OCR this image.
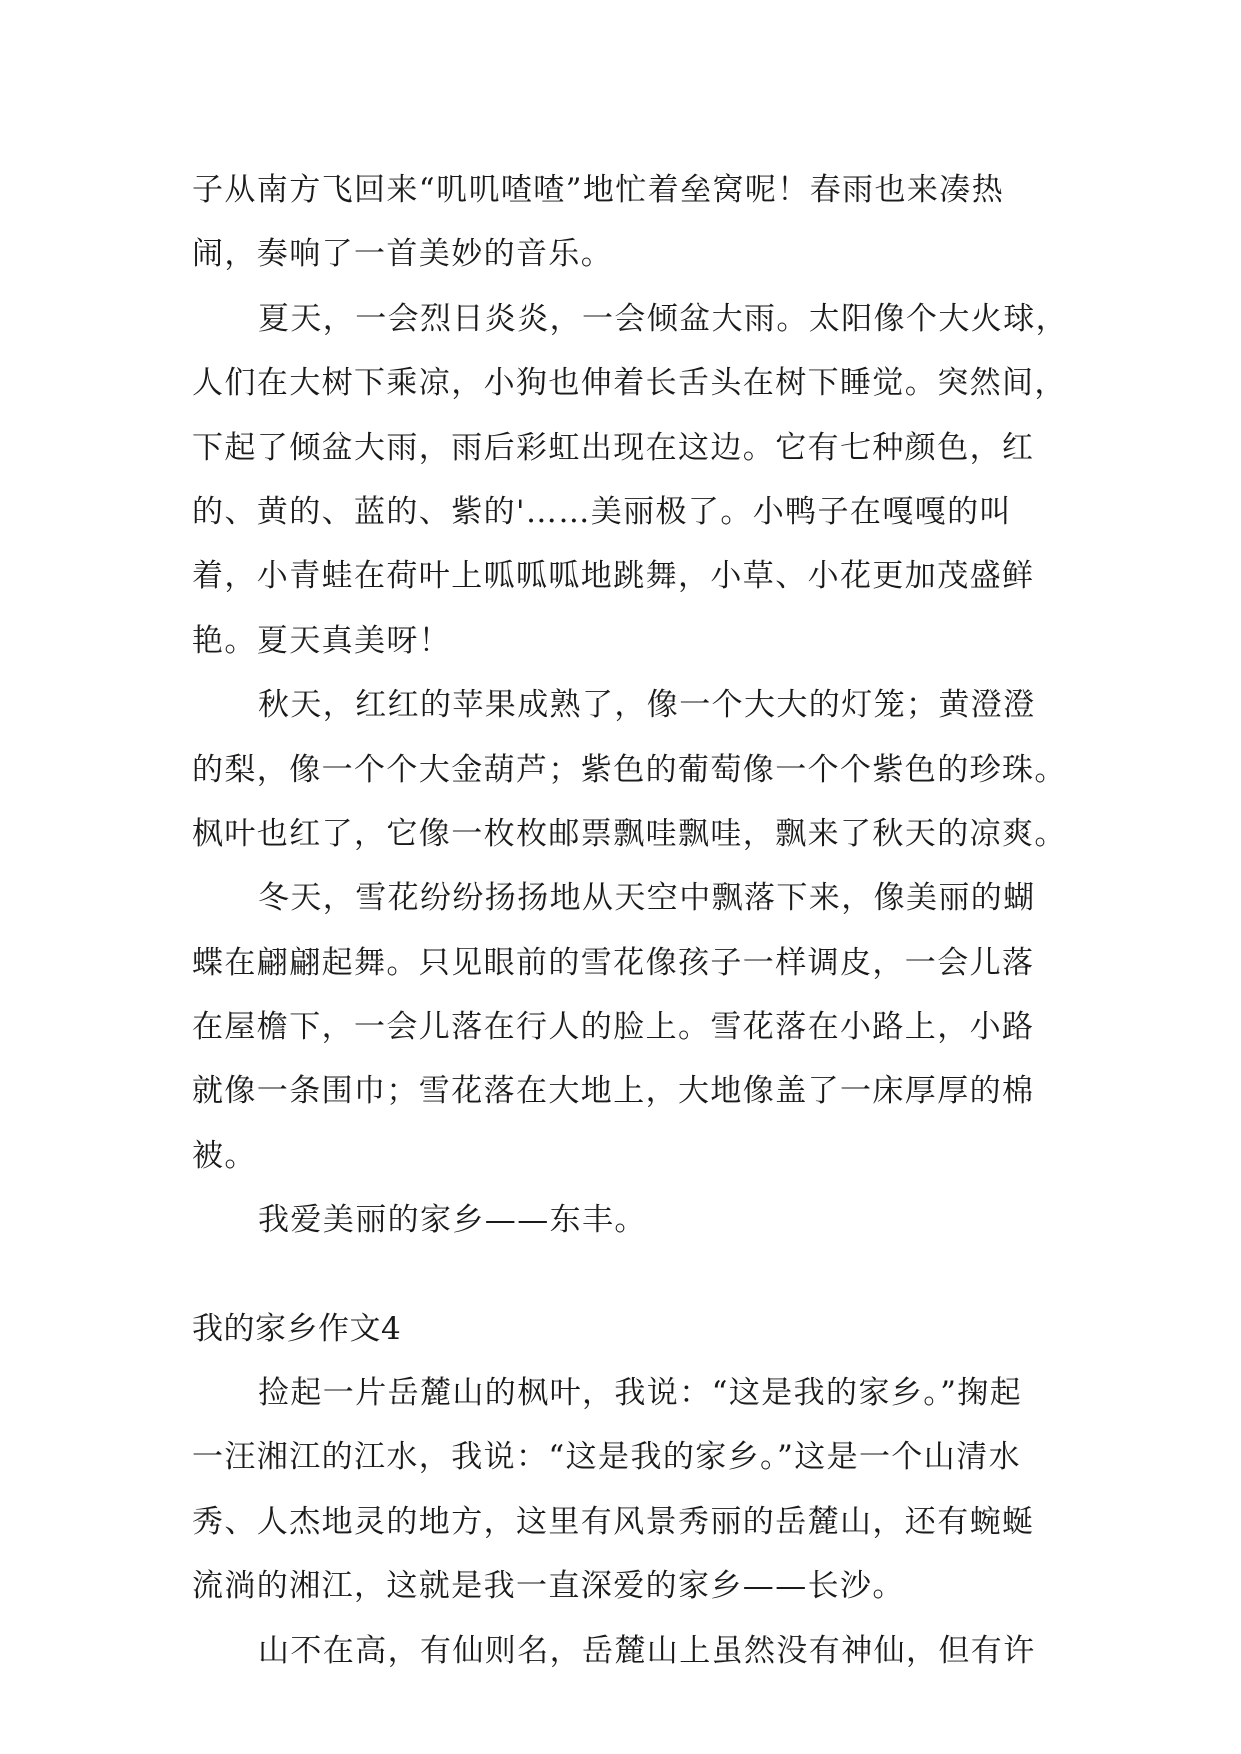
子从南方飞回来“叽叽喳喳”地忙着垒窝呢！春雨也来凑热
闹，奏响了一首美妙的音乐。
夏天，一会烈日炎炎，一会倾盆大雨。太阳像个大火球，
人们在大树下乘凉，小狗也伸着长舌头在树下睡觉。突然间，
下起了倾盆大雨，雨后彩虹出现在这边。它有七种颜色，红
的、黄的、蓝的、紫的'……美丽极了。小鸭子在嘎嘎的叫
着，小青蛙在荷叶上呱呱呱地跳舞，小草、小花更加茂盛鲜
艳。夏天真美呀！
秋天，红红的苹果成熟了，像一个大大的灯笼；黄澄澄
的梨，像一个个大金葫芦；紫色的葡萄像一个个紫色的珍珠。
枫叶也红了，它像一枚枚邮票飘哇飘哇，飘来了秋天的凉爽。
冬天，雪花纷纷扬扬地从天空中飘落下来，像美丽的蝴
蝶在翩翩起舞。只见眼前的雪花像孩子一样调皮，一会儿落
在屋檐下，一会儿落在行人的脸上。雪花落在小路上，小路
就像一条围巾；雪花落在大地上，大地像盖了一床厚厚的棉
被。
我爱美丽的家乡——东丰。
我的家乡作文4
捡起一片岳麓山的枫叶，我说：“这是我的家乡。”掬起
一汪湘江的江水，我说：“这是我的家乡。”这是一个山清水
秀、人杰地灵的地方，这里有风景秀丽的岳麓山，还有蜿蜒
流淌的湘江，这就是我一直深爱的家乡——长沙。
山不在高，有仙则名，岳麓山上虽然没有神仙，但有许
